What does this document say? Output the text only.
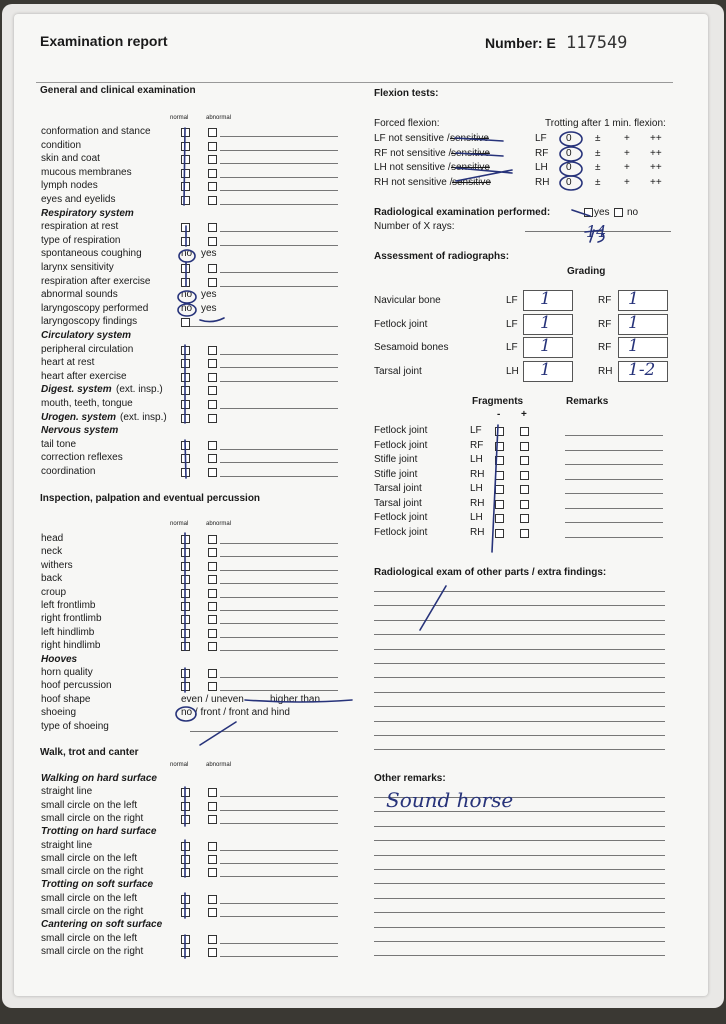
Examination report	Number: E 117549
General and clinical examination
normal	abnormal
conformation and stance
condition
skin and coat
mucous membranes
lymph nodes
eyes and eyelids
Respiratory system
respiration at rest
type of respiration
spontaneous coughing	no yes
larynx sensitivity
respiration after exercise
abnormal sounds	no yes
laryngoscopy performed	no yes
laryngoscopy findings
Circulatory system
peripheral circulation
heart at rest
heart after exercise
Digest. system (ext. insp.)
mouth, teeth, tongue
Urogen. system (ext. insp.)
Nervous system
tail tone
correction reflexes
coordination
Inspection, palpation and eventual percussion
normal	abnormal
head
neck
withers
back
croup
left frontlimb
right frontlimb
left hindlimb
right hindlimb
Hooves
horn quality
hoof percussion
hoof shape	even / uneven	higher than
shoeing	no / front / front and hind
type of shoeing
Walk, trot and canter
normal	abnormal
Walking on hard surface
straight line
small circle on the left
small circle on the right
Trotting on hard surface
straight line
small circle on the left
small circle on the right
Trotting on soft surface
small circle on the left
small circle on the right
Cantering on soft surface
small circle on the left
small circle on the right
Flexion tests:
Forced flexion:	Trotting after 1 min. flexion:
LF not sensitive / sensitive	LF 0 ± + ++
RF not sensitive / sensitive	RF 0 ± + ++
LH not sensitive / sensitive	LH 0 ± + ++
RH not sensitive / sensitive	RH 0 ± + ++
Radiological examination performed:	yes no
Number of X rays:	14
Assessment of radiographs:
Grading
Navicular bone	LF 1	RF 1
Fetlock joint	LF 1	RF 1
Sesamoid bones	LF 1	RF 1
Tarsal joint	LH 1	RH 1-2
Fragments	Remarks
- +
Fetlock joint	LF
Fetlock joint	RF
Stifle joint	LH
Stifle joint	RH
Tarsal joint	LH
Tarsal joint	RH
Fetlock joint	LH
Fetlock joint	RH
Radiological exam of other parts / extra findings:
Other remarks:
Sound horse
